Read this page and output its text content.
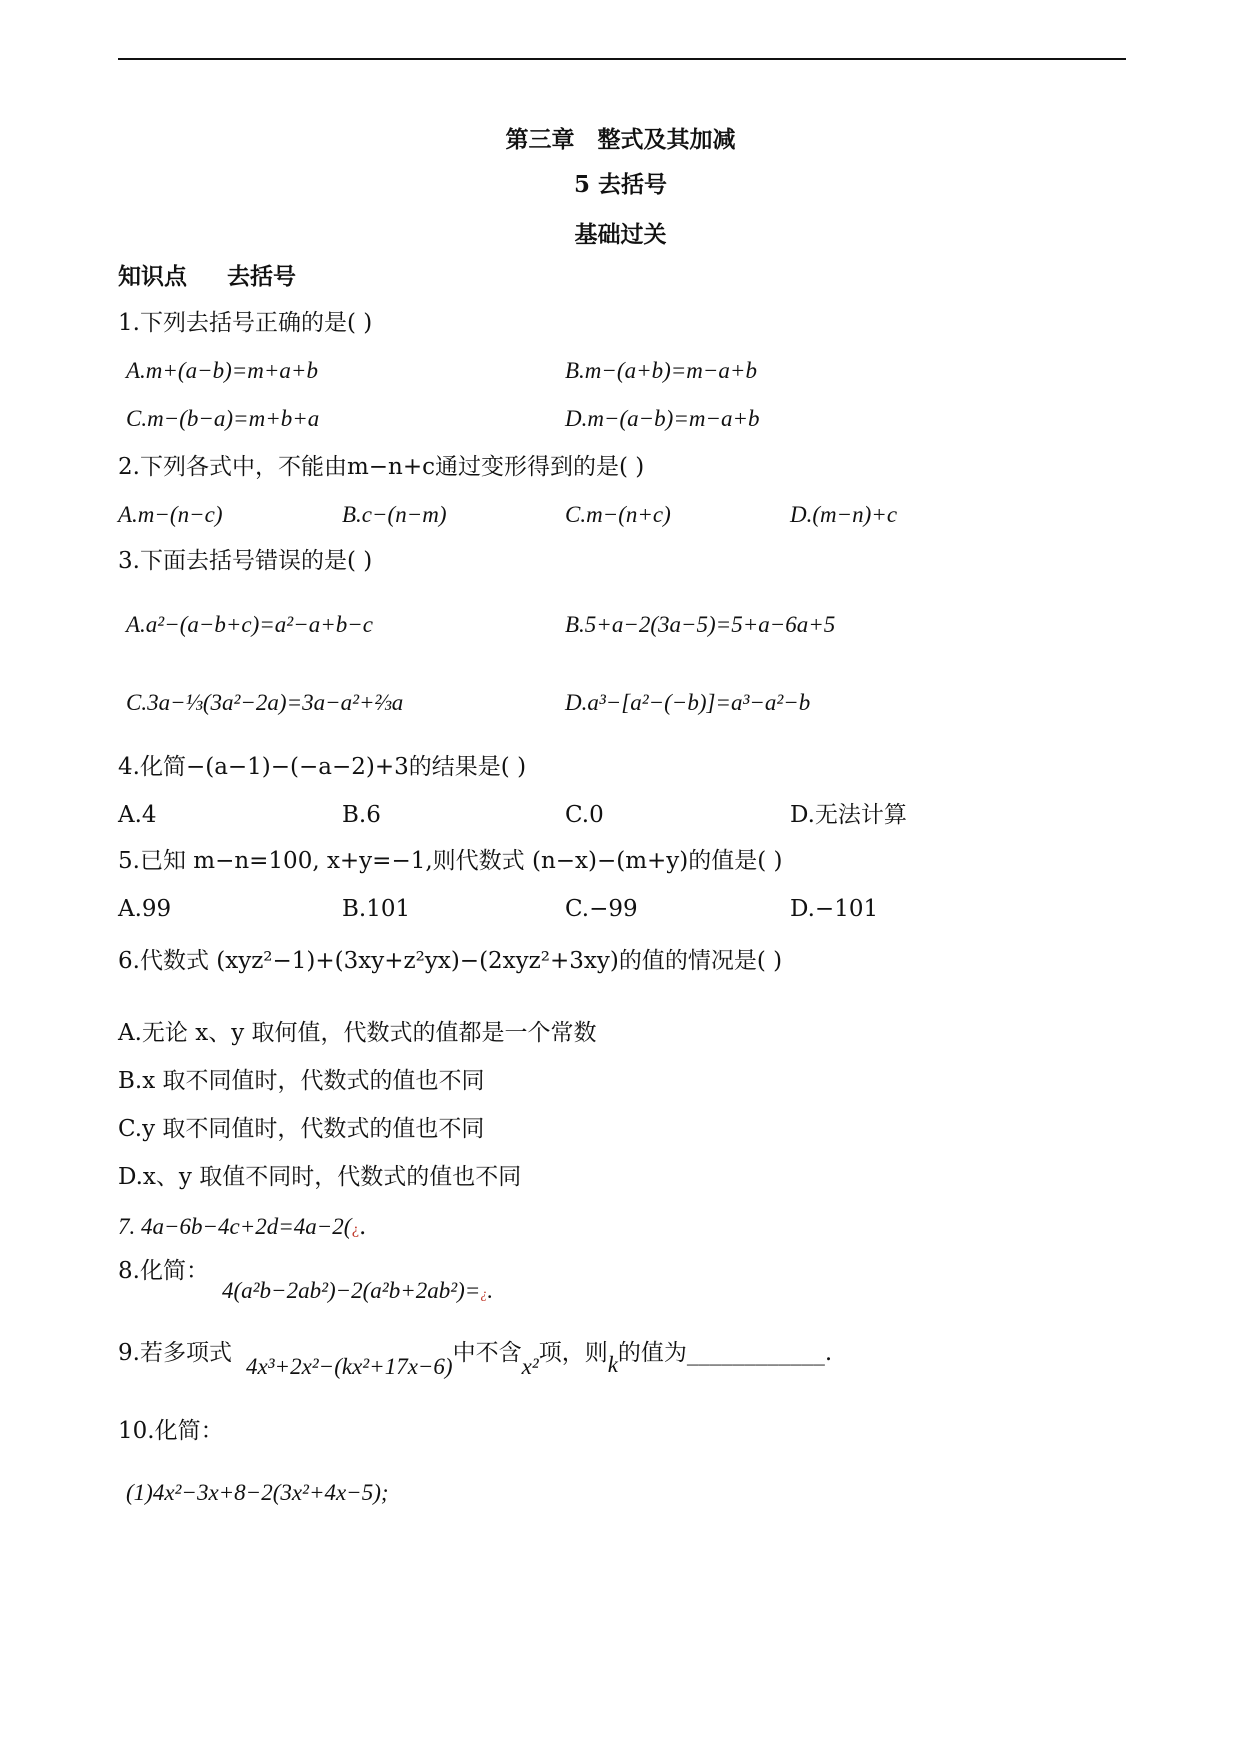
第三章　整式及其加减
5 去括号
基础过关
知识点 去括号
1.下列去括号正确的是( )
A.m+(a−b)=m+a+b	B.m−(a+b)=m−a+b
C.m−(b−a)=m+b+a	D.m−(a−b)=m−a+b
2.下列各式中，不能由m−n+c通过变形得到的是( )
A.m−(n−c)	B.c−(n−m)	C.m−(n+c)	D.(m−n)+c
3.下面去括号错误的是( )
A.a²−(a−b+c)=a²−a+b−c	B.5+a−2(3a−5)=5+a−6a+5
C.3a−⅓(3a²−2a)=3a−a²+⅔a	D.a³−[a²−(−b)]=a³−a²−b
4.化简−(a−1)−(−a−2)+3的结果是( )
A.4	B.6	C.0	D.无法计算
5.已知 m−n=100, x+y=−1,则代数式 (n−x)−(m+y)的值是( )
A.99	B.101	C.−99	D.−101
6.代数式 (xyz²−1)+(3xy+z²yx)−(2xyz²+3xy)的值的情况是( )
A.无论 x、y 取何值，代数式的值都是一个常数
B.x 取不同值时，代数式的值也不同
C.y 取不同值时，代数式的值也不同
D.x、y 取值不同时，代数式的值也不同
7. 4a−6b−4c+2d=4a−2(¿.
8.化简：
4(a²b−2ab²)−2(a²b+2ab²)=¿.
9.若多项式4x³+2x²−(kx²+17x−6)中不含x²项，则k的值为____________.
10.化简：
(1)4x²−3x+8−2(3x²+4x−5);
